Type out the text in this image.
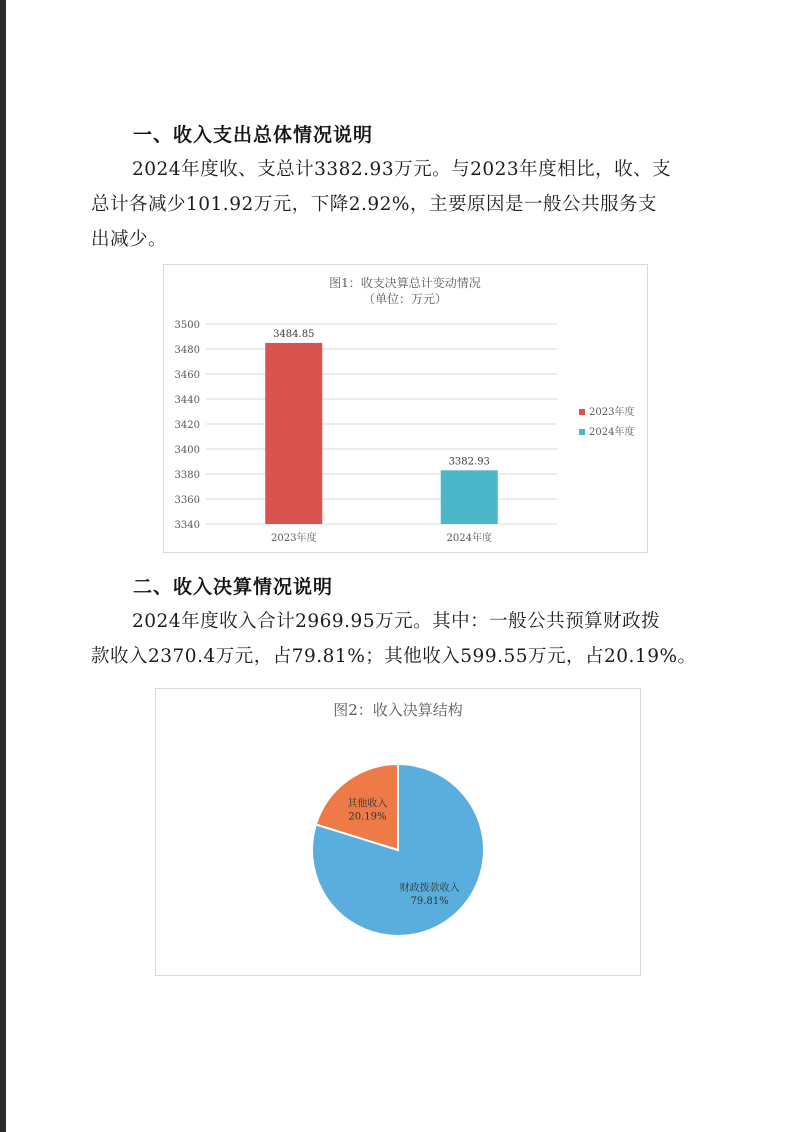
一、收入支出总体情况说明

2024年度收、支总计3382.93万元。与2023年度相比，收、支
总计各减少101.92万元，下降2.92%，主要原因是一般公共服务支
出减少。

图1：收支决算总计变动情况
（单位：万元）
3340
3360
3380
3400
3420
3440
3460
3480
3500
3484.85
2023年度
3382.93
2024年度
2023年度
2024年度
二、收入决算情况说明

2024年度收入合计2969.95万元。其中：一般公共预算财政拨
款收入2370.4万元，占79.81%；其他收入599.55万元，占20.19%。

图2：收入决算结构
财政拨款收入
79.81%
其他收入
20.19%
